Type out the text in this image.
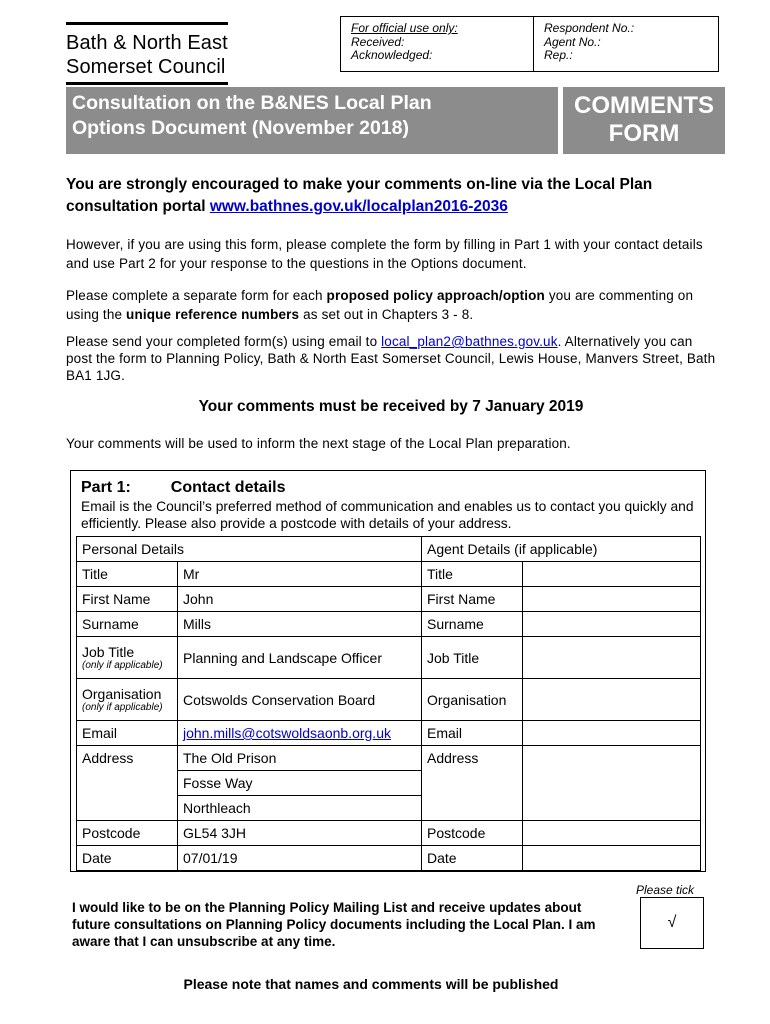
Bath & North East
Somerset Council
For official use only:
Received:
Acknowledged:
Respondent No.:
Agent No.:
Rep.:
Consultation on the B&NES Local Plan
Options Document (November 2018)
COMMENTS
FORM
You are strongly encouraged to make your comments on-line via the Local Plan consultation portal www.bathnes.gov.uk/localplan2016-2036
However, if you are using this form, please complete the form by filling in Part 1 with your contact details and use Part 2 for your response to the questions in the Options document.
Please complete a separate form for each proposed policy approach/option you are commenting on using the unique reference numbers as set out in Chapters 3 - 8.
Please send your completed form(s) using email to local_plan2@bathnes.gov.uk. Alternatively you can post the form to Planning Policy, Bath & North East Somerset Council, Lewis House, Manvers Street, Bath BA1 1JG.
Your comments must be received by 7 January 2019
Your comments will be used to inform the next stage of the Local Plan preparation.
Part 1:	Contact details
Email is the Council’s preferred method of communication and enables us to contact you quickly and efficiently. Please also provide a postcode with details of your address.
Personal Details		Agent Details (if applicable)	
Title	Mr	Title	
First Name	John	First Name	
Surname	Mills	Surname	
Job Title
(only if applicable)	Planning and Landscape Officer	Job Title	
Organisation
(only if applicable)	Cotswolds Conservation Board	Organisation	
Email	john.mills@cotswoldsaonb.org.uk	Email	
Address	The Old Prison	Address	
	Fosse Way		
	Northleach		
Postcode	GL54 3JH	Postcode	
Date	07/01/19	Date	
Please tick
√
I would like to be on the Planning Policy Mailing List and receive updates about future consultations on Planning Policy documents including the Local Plan. I am aware that I can unsubscribe at any time.
Please note that names and comments will be published
